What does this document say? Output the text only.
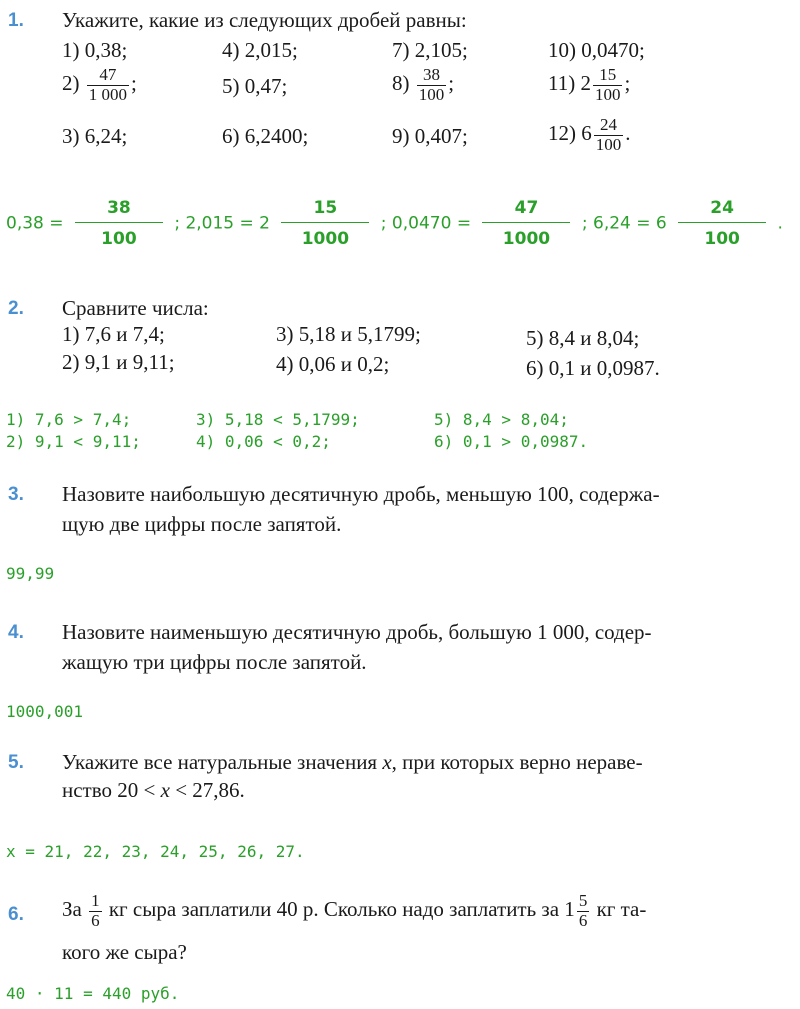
1. Укажите, какие из следующих дробей равны:
1) 0,38;	4) 2,015;	7) 2,105;	10) 0,0470;
$2) \frac{47}{1 000}$ ;	5) 0,47;	$8) \frac{38}{100}$ ;	11) $2 \frac{15}{100}$ ;
3) 6,24;	6) 6,2400;	9) 0,407;	12) $6 \frac{24}{100}$ .
$0,38 = \frac{38}{100}$ ; $2,015 = 2 \frac{15}{1000}$ ; $0,0470 = \frac{47}{1000}$ ; $6,24 = 6 \frac{24}{100}$ .
2. Сравните числа:
1) 7,6 и 7,4;	3) 5,18 и 5,1799;	5) 8,4 и 8,04;
2) 9,1 и 9,11;	4) 0,06 и 0,2;	6) 0,1 и 0,0987.
1) 7,6 > 7,4;	3) 5,18 < 5,1799;	5) 8,4 > 8,04;
2) 9,1 < 9,11;	4) 0,06 < 0,2;	6) 0,1 > 0,0987.
3. Назовите наибольшую десятичную дробь, меньшую 100, содержа-
щую две цифры после запятой.
99,99
4. Назовите наименьшую десятичную дробь, большую 1 000, содер-
жащую три цифры после запятой.
1000,001
5. Укажите все натуральные значения x, при которых верно нераве-
нство 20 < x < 27,86.
x = 21, 22, 23, 24, 25, 26, 27.
6. За $\frac{1}{6}$ кг сыра заплатили 40 р. Сколько надо заплатить за $1 \frac{5}{6}$ кг та-
кого же сыра?
40 · 11 = 440 руб.
